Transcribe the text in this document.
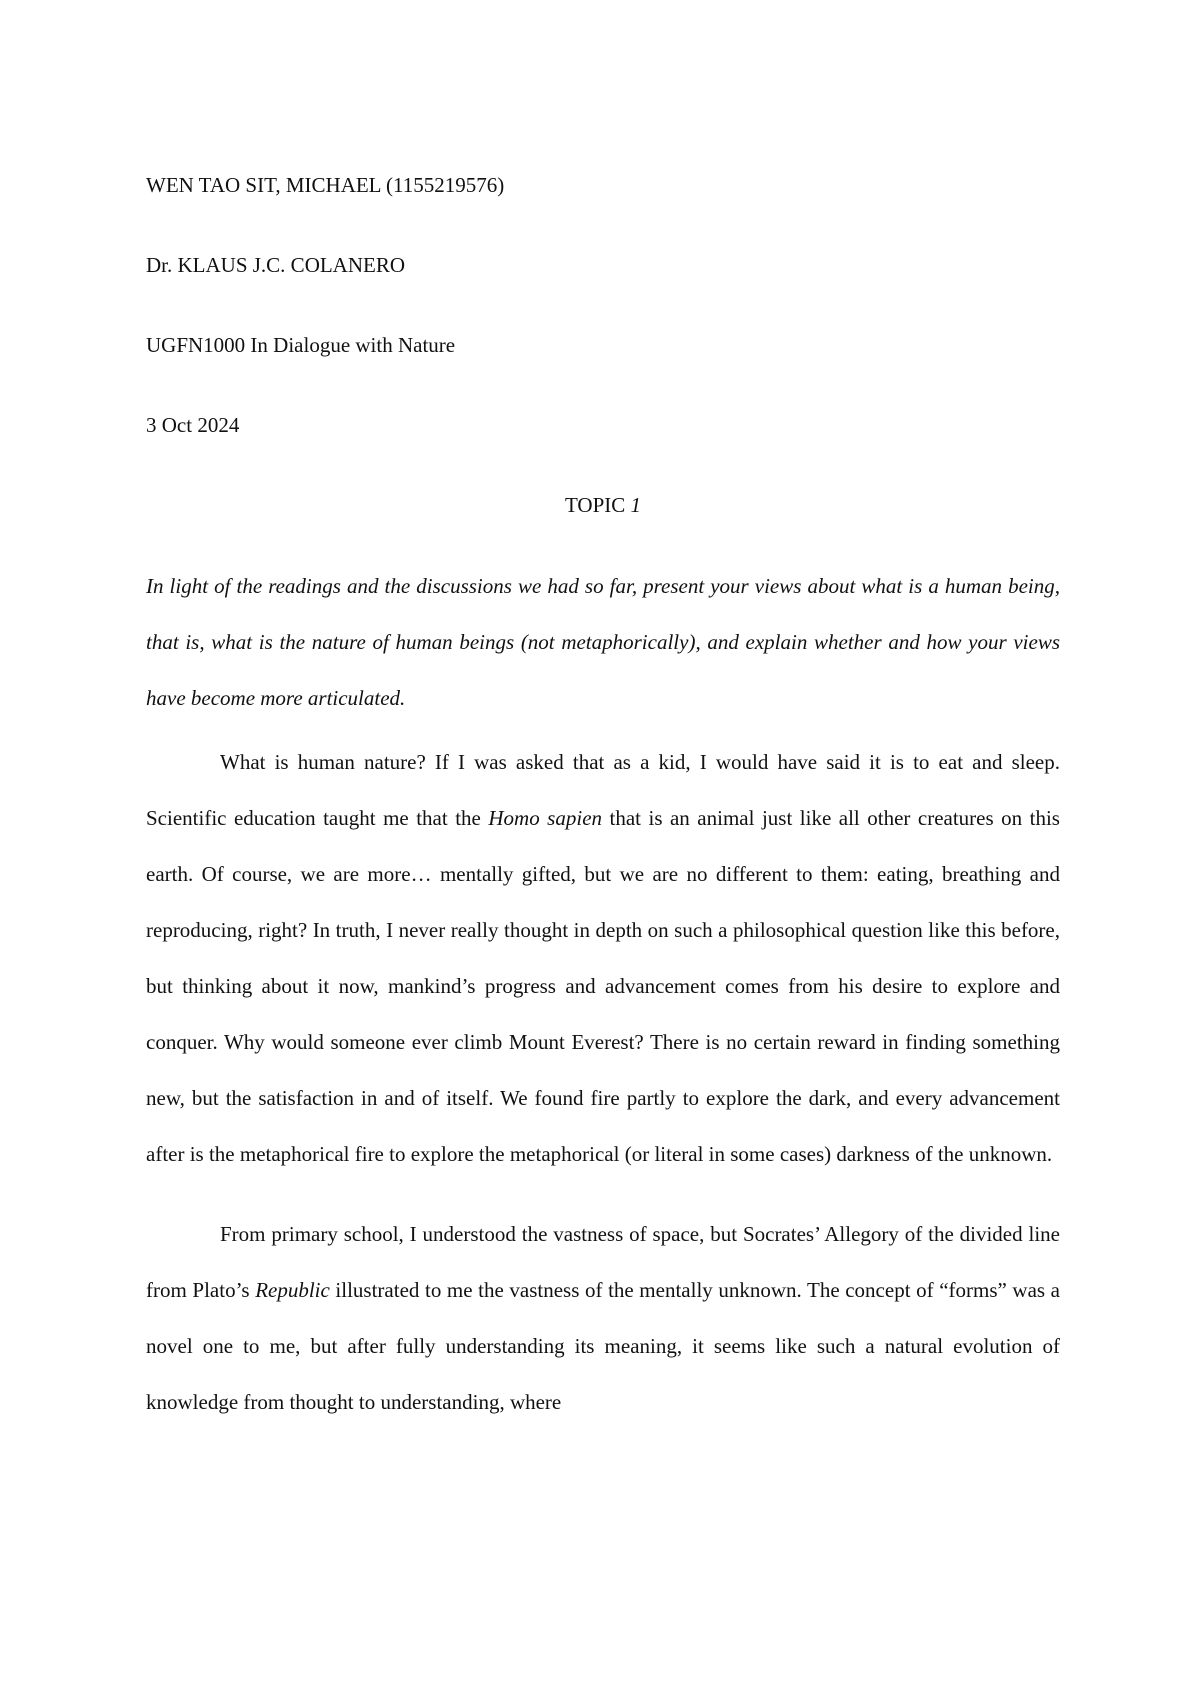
WEN TAO SIT, MICHAEL (1155219576)

Dr. KLAUS J.C. COLANERO

UGFN1000 In Dialogue with Nature

3 Oct 2024

TOPIC 1

In light of the readings and the discussions we had so far, present your views about what is a human being, that is, what is the nature of human beings (not metaphorically), and explain whether and how your views have become more articulated.

What is human nature? If I was asked that as a kid, I would have said it is to eat and sleep. Scientific education taught me that the Homo sapien that is an animal just like all other creatures on this earth. Of course, we are more… mentally gifted, but we are no different to them: eating, breathing and reproducing, right? In truth, I never really thought in depth on such a philosophical question like this before, but thinking about it now, mankind’s progress and advancement comes from his desire to explore and conquer. Why would someone ever climb Mount Everest? There is no certain reward in finding something new, but the satisfaction in and of itself. We found fire partly to explore the dark, and every advancement after is the metaphorical fire to explore the metaphorical (or literal in some cases) darkness of the unknown.

From primary school, I understood the vastness of space, but Socrates’ Allegory of the divided line from Plato’s Republic illustrated to me the vastness of the mentally unknown. The concept of “forms” was a novel one to me, but after fully understanding its meaning, it seems like such a natural evolution of knowledge from thought to understanding, where
